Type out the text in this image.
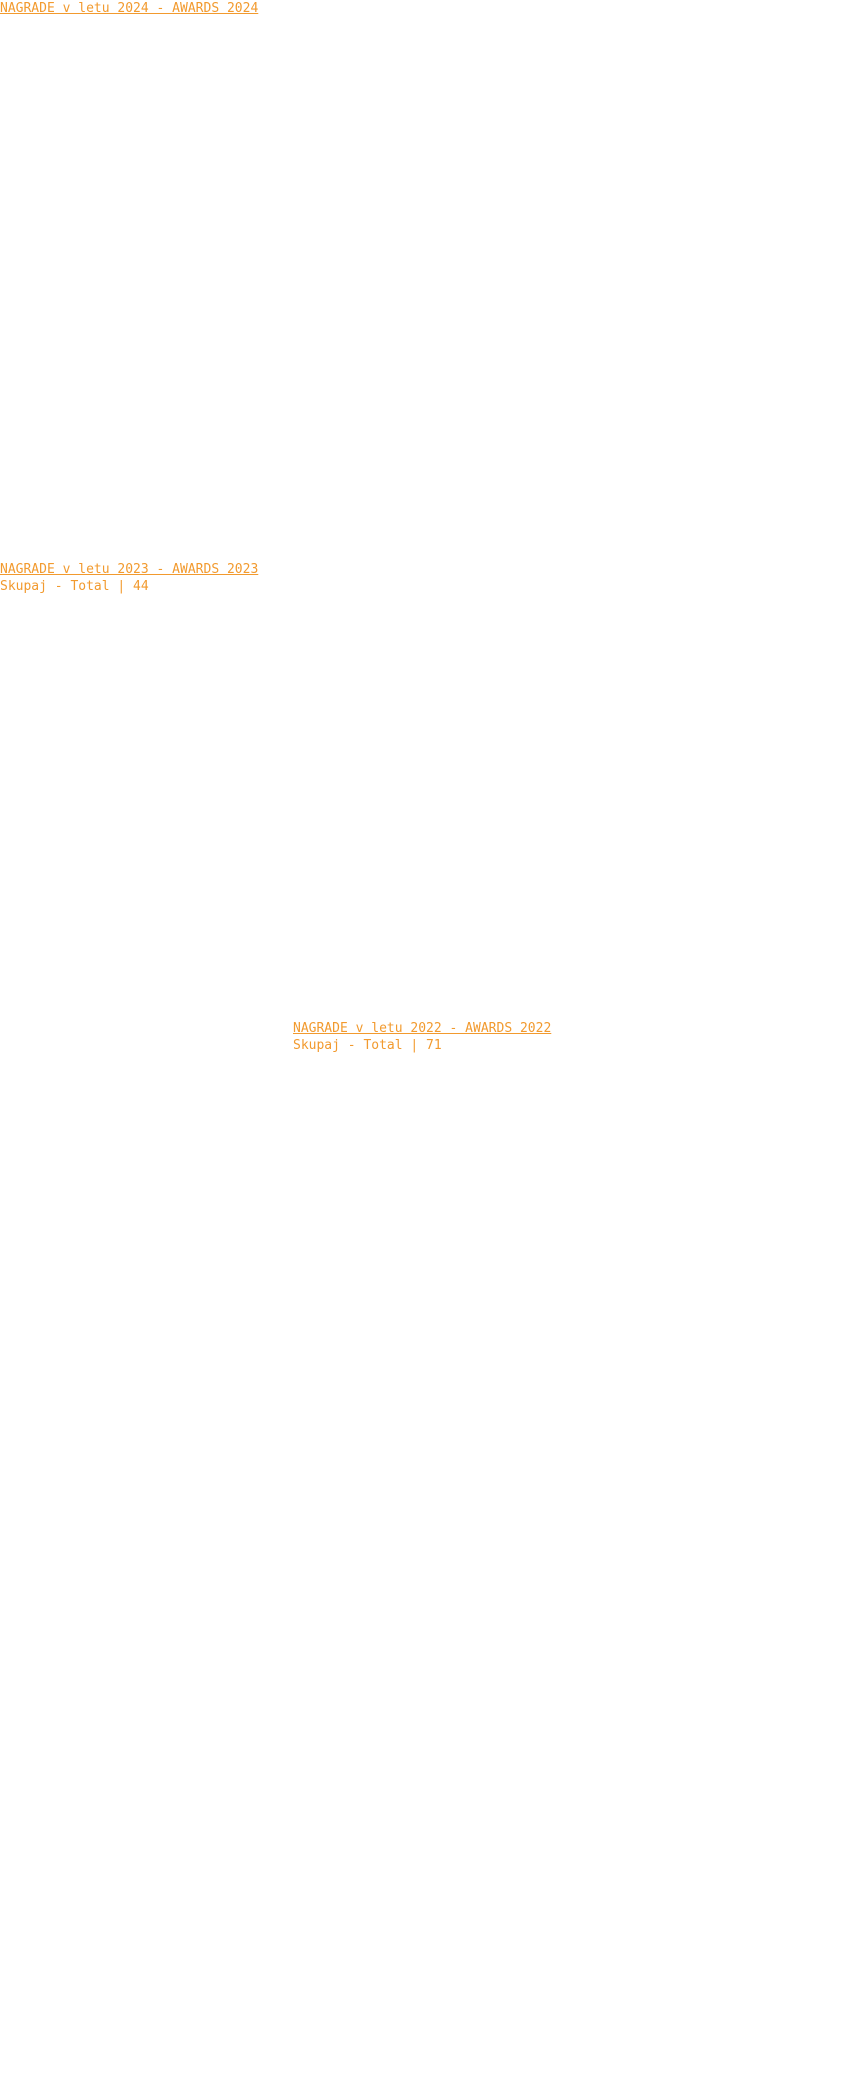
NAGRADE v letu 2024 - AWARDS 2024
Ženklas Photo Award 2024, Madžarska
Marjan Artnak - Alley in Blue - Medal Award
5th Internationale Salon Kalmanek Romana 2024 Ukrajina
Sandro Pelusso - Eclipse 1920 Honor - FIAP Acc diploma
Josef Mathews - A Fruits Pomegranate - FIAP Honorable mention
Marjan Dvir - Meadow - FIAP HM
NAGRADE v letu 2023 - AWARDS 2023
Skupaj - Total | 44
11th Belgrade Photo Salon - Serbia 2023, Serbia
The 36th Grand Prix of Light 2023
Marjan Artnak - Woman in Yellow - FIAP Honorable Mention
Marjan Artnak - Alone - FIAP HM
Marjan Artnak - Alley in Blue - GPL Honorable Mention
CEREKKEN MARE EXCITE 2023, Hungary 2023 Gold Ruby
Marjan Artnak - Mistery in the Dark - GOLD medal
Marjan Artnak - Dog Eyes - FIAP HM
CEREKKEN MARE EXCITE 2023, Gold 2023, Rubin
Marjan Artnak - Awakening in the Morning - PSA Gold medal
Marjan Artnak - Gaze Through the Window - PSA Ribbon
Marjan Artnak - Stormy Clouds - PSA Silver Mdl
CEREKKEN MARE EXCITE 2023, Mature 2023 Silver award
Marjan Artnak - Romantic Couple - Merch PM Gold Medal
Marjan Artnak - Awakening in the Morning - Merch PM HM
Marjan Artnak - Alley in Yellow - FIAP HM
Circuit 7 Spectral 2023 Ciglaron
Marjan Artnak - Dark Walls - Diploma Special
Marjan Artnak - Stormy Clouds - Salon HM
Marjan Artnak - Lone Tree - Diploma ZSK
4th International Jeroj Cocani Hungarian
Marjan Kogovšek - Dream lane - PSA Silver
Doornham Kaprijastra Internatio CZE, Slovakia
Marjan Kogovšek - The Ruined Church - ISF Diploma
Zelenbijevijski Salon Kaspisvera, Moravska Slovenija
Marjan Kogovšek - Bathingrooms - FIAP Honorable mention
International 6th Rokonpkolonijska (USPF) Fotografska Asociacija Amateurs (Beige)
Marjan Artnak - Ascension - Contest Honorable Mention Slides
Internationale Saline 2023
Marjan Artnak - Neighbours XIV - ISF Honorable mention
Marjan Kogovšek - A Break (Wind) of Slovak - CAP
Marjan Kogovšek - A Break (Wind) of Slovak - Special Prize Circuit
Marjan Kogovšek - Stormy Clouds - Salonal Gold Medal
Marjan Artnak - Working Horse - Salonal Gold Medal
Marjan Kogovšek - Alone Bare - HM
11th Guts Trophy Exhibition (Greece), Beautiful Arts Salon
Marjan Artnak - Twisted Tree Shadow - Diploma
Marjan Artnak - Autumn Harmony - FIAP HM
Marjan Artnak - Stones - FIAP HM
Salon Photopoint 2024, Brasil, Palomes
Marjan Kogovšek - Morning Calm - Salon Honorable PSA
Marjan Kogovšek - Autumn Colours - FIAP Honorable mention PSA Silver
7th Internationale Sjelens Fotosalon 2024 Fotografska, Druge Slove
Marjan Artnak - Twigs - PSA HM
4th Internationale Circuit of Photography PSPS Indijka 2024, Panjava, Dark Mark
Marjan Artnak - Alley in a Blue - PSA Silver Honorable mention
4th Internationale Circuit of Photography PSPS Indijka 2024, Panjava Judge
Marjan Artnak - Stones - ISF Ruby Honorable Mention
Marjan Artnak - Alley in a Blue - FIAP GOLD honorable mention
4th Internationale Circuit of Photography PSPS Indijka 2024, Sepia Dark
Marjan Artnak - Awakening in the Morning - Slaber SRA Hall
Marjan Artnak - Gaze Through the Window - Internal Gold Ribe
8th Internationale Salon Kalakala ISHAFPA 2024 Karachi
Aleš Ferlan - Rainbow - IPF Ribbon
Spezant Fokus Foto Fifty Slovenija
Marjan Artnak - Alley in the Blue - Gold Salon PMF HM
Marjan Artnak - Stormy Clouds - PSA Honorable Mention
ASA 4th FRESHLY CONNECTED Salon - Circuit 2023 India
Marjan Artnak - Autumn Harmony - Diploma Special
Marjan Artnak - Awakening in the Morning - Special HM
Marjan Artnak - Alley in a Blue - PSA HM
4th Internationale Kaleshikaj Photoshooting International Ika Skopje Macedonia 2023, Serbia
Marjan Artnak - The Ruined Church - Salon Kolnapaski Zlata Cist
Marjan Artnak - Stormy Clouds - ISF HM Gold Bronze Award Cascale
NAGRADE v letu 2022 - AWARDS 2022
Skupaj - Total | 71
Salona Basel, Vegoš
Marjan Kogovšek - Red Sand Bass - HM
Marjan Kogovšek - Spring of Flowers Light - HM
5th International Salon Kosovo
Marjan Artnak - Dremci - PSA Gold medal
Marjan Artnak - Sphinx PSA GOLD - PSA Gold medal
Marjan Artnak - Shadows - HM
Marjan Artnak - Dremci - HM
Marjan Artnak - Dremci - HM
Marjan Artnak - Smithy the Lake - HM
Marjan Artnak - Spring flowers - HM
Gold Artist Tour 2022, Rome
Marjan Artnak - Seasons - ISF HM
Marjan Kogovšek - Red Sand Bass - Gold HM
Marjan Kogovšek - Palace - FIAP HM
IPOPIK VLASTIT 10, India
Marjan Kogovšek - A Departure - FIAP HM
Marjan Kogovšek - Dremci - FIAP HM
Marjan Artnak - The Departure - FIAP HM
Sprout Hungarian 17, SZF
Marjan Kogovšek - Rutherfordi - SZEH HM
Fotoesa 5 2022 India
Marjan Kogovšek - Autumn in Vienna - HM
Marjan Kogovšek - Morning Glory - HM
Radiate Photo Studio, Serbia
Marjan Kogovšek - Puneshop - Honorable Mention
Marjan Artnak - Puppi Dogada - PSA Honorable mention
Marjan Artnak - Autumn Harmony - Diploma
Marjan Artnak - Gaze Through the Window - Special
7th International Salon Hungarian SABANU 2022 Serbia
Marjan Kogovšek - Morning Glory - Serbian FA Salon Foto Club Honorable Serbia FA
Marjan Kogovšek - Gaze Window - PSA Special
Marjan Kogovšek - Morning Glory - PSA Special
Tina Vlašic - Fall Leafs - ISF Ribbon
Mirko Gigerl - Bird Mother - ISF Ribbon
8th Regional International Digital Salon 2024
Marjan Artnak - Lighting the Night - FIAP Honorable mention
Marjan Artnak - Dremci - FIAP HM
Salon Fotodor, Serbia
Mirko Gigerl - Tranquil Morning HD - Special Award
Mirko Gigerl - Bathing Bird in - Diploma special
Mirko Gigerl - Weird Lights - HM
Mirko Gigerl - Green Mountain - Special Award
FOTOSAVA, HUBEI 2024 Salon, Sarajevo Small of Sarajevo
Mirko Gigerl - A Shepherd - Honorable mention
Mirko Gigerl - Storm in Mountain - SNHB GOLD
Mirko Gigerl - Fishing - FIAP Ribbon
Mirko Gigerl - Loneliness - PSA Ribbon
Mirko Gigerl - Red and Green - Silver Medal
Mirko Gigerl - Winter Solitude - FIAP HM
Mirko Gigerl - Working Lot - Silver Medal
Circuit - TERNERITO ESFA 2023, Macedonia
Marjan Artnak - The Path in the Woods - ISF Gold Medal
Marjan Artnak - Tree Darkness - Special HM
Circuit - TERNERITO ESFA 2023, Macedonia
Marjan Artnak - The Path in the Woods - Salon HM
Circuit - TERNERITO ESFA 2023, Macedonia
Marjan Artnak - Tree Darkness - Special Silver
Marjan Artnak - Loneliness - Salon Honorable HM
Foto Night Salona, ANDRIJA, Bosnia
Aleš Ferlan - Golden Moment - Special Award
Aleš Ferlan - Loneliness - Special Award
Aleš Ferlan - Storm - SZ Award
Aleš Ferlan - Golden Tunnel SEP Diploma
Gold Silver Salona Kreshkega
Mirko Gigerl - Sunny Cornfields - Gold HM
Mirko Fossil Twigs, Spain
Mirko Gigerl - Misty Daybreak - Gold HM
Mirko Gigerl - Morning Light - Gold HM
Mirko Gigerl - Weird Lights - Gold HM
ARIBO PRI Photo Symposium
Marjan Artnak - Art of Departure - FIAP HM
DIJITE Mostra Nacional 2022, Italy
Marjan Artnak - A Sunrise in the Foggy Morning HM
DIJITE Mostra Nacional 2022 Sunsthandel
Marjan Artnak - Castle Sunbean - ISF HM
Marjan Artnak - Morning Sky - ISF HM
Marjan Artnak - Evening - Bronze HM
Marjan Artnak - Stormy Clouds - Bronze HM
6th Great Photographer Award 2022
Marjan Artnak - Gaze Through the Window - PSA HM
Marjan Artnak - Stormy Clouds - Bronze Award
Rencontre de gaze 2022, France
Marjan Kogovšek - Grenadier - Gold Honorable Award
Foto 2022 Turkey
Marjan Artnak - Church in Blue - FIAP Honorable mention
Salon Reading 2A Photo International Hungary
Marjan Artnak - Cloud Scene - Diploma A
Marjan Artnak - Castle in Dusk - Bronze Award
Marjan Kogovšek - Gaze Through the Window - Diploma B
TERRITO STUDIO CIRCUIT 2022, Serbia
Mirko Gigerl - Bathing Bird - Ribbon place in the Serbia Diploma
Mirko Gigerl - Bathing Bird - ISF Ribbon in PSA Special Diplomata
Mirko Gigerl - Bathing Bird - Gold place in Honorable Mention
Foto 2022, Slovenia
Marjan Kogovšek - Autumn Lunavre - ISF HM
Marjan Kogovšek - Autumn Cloud Night Pars - ISF Honorable mention
